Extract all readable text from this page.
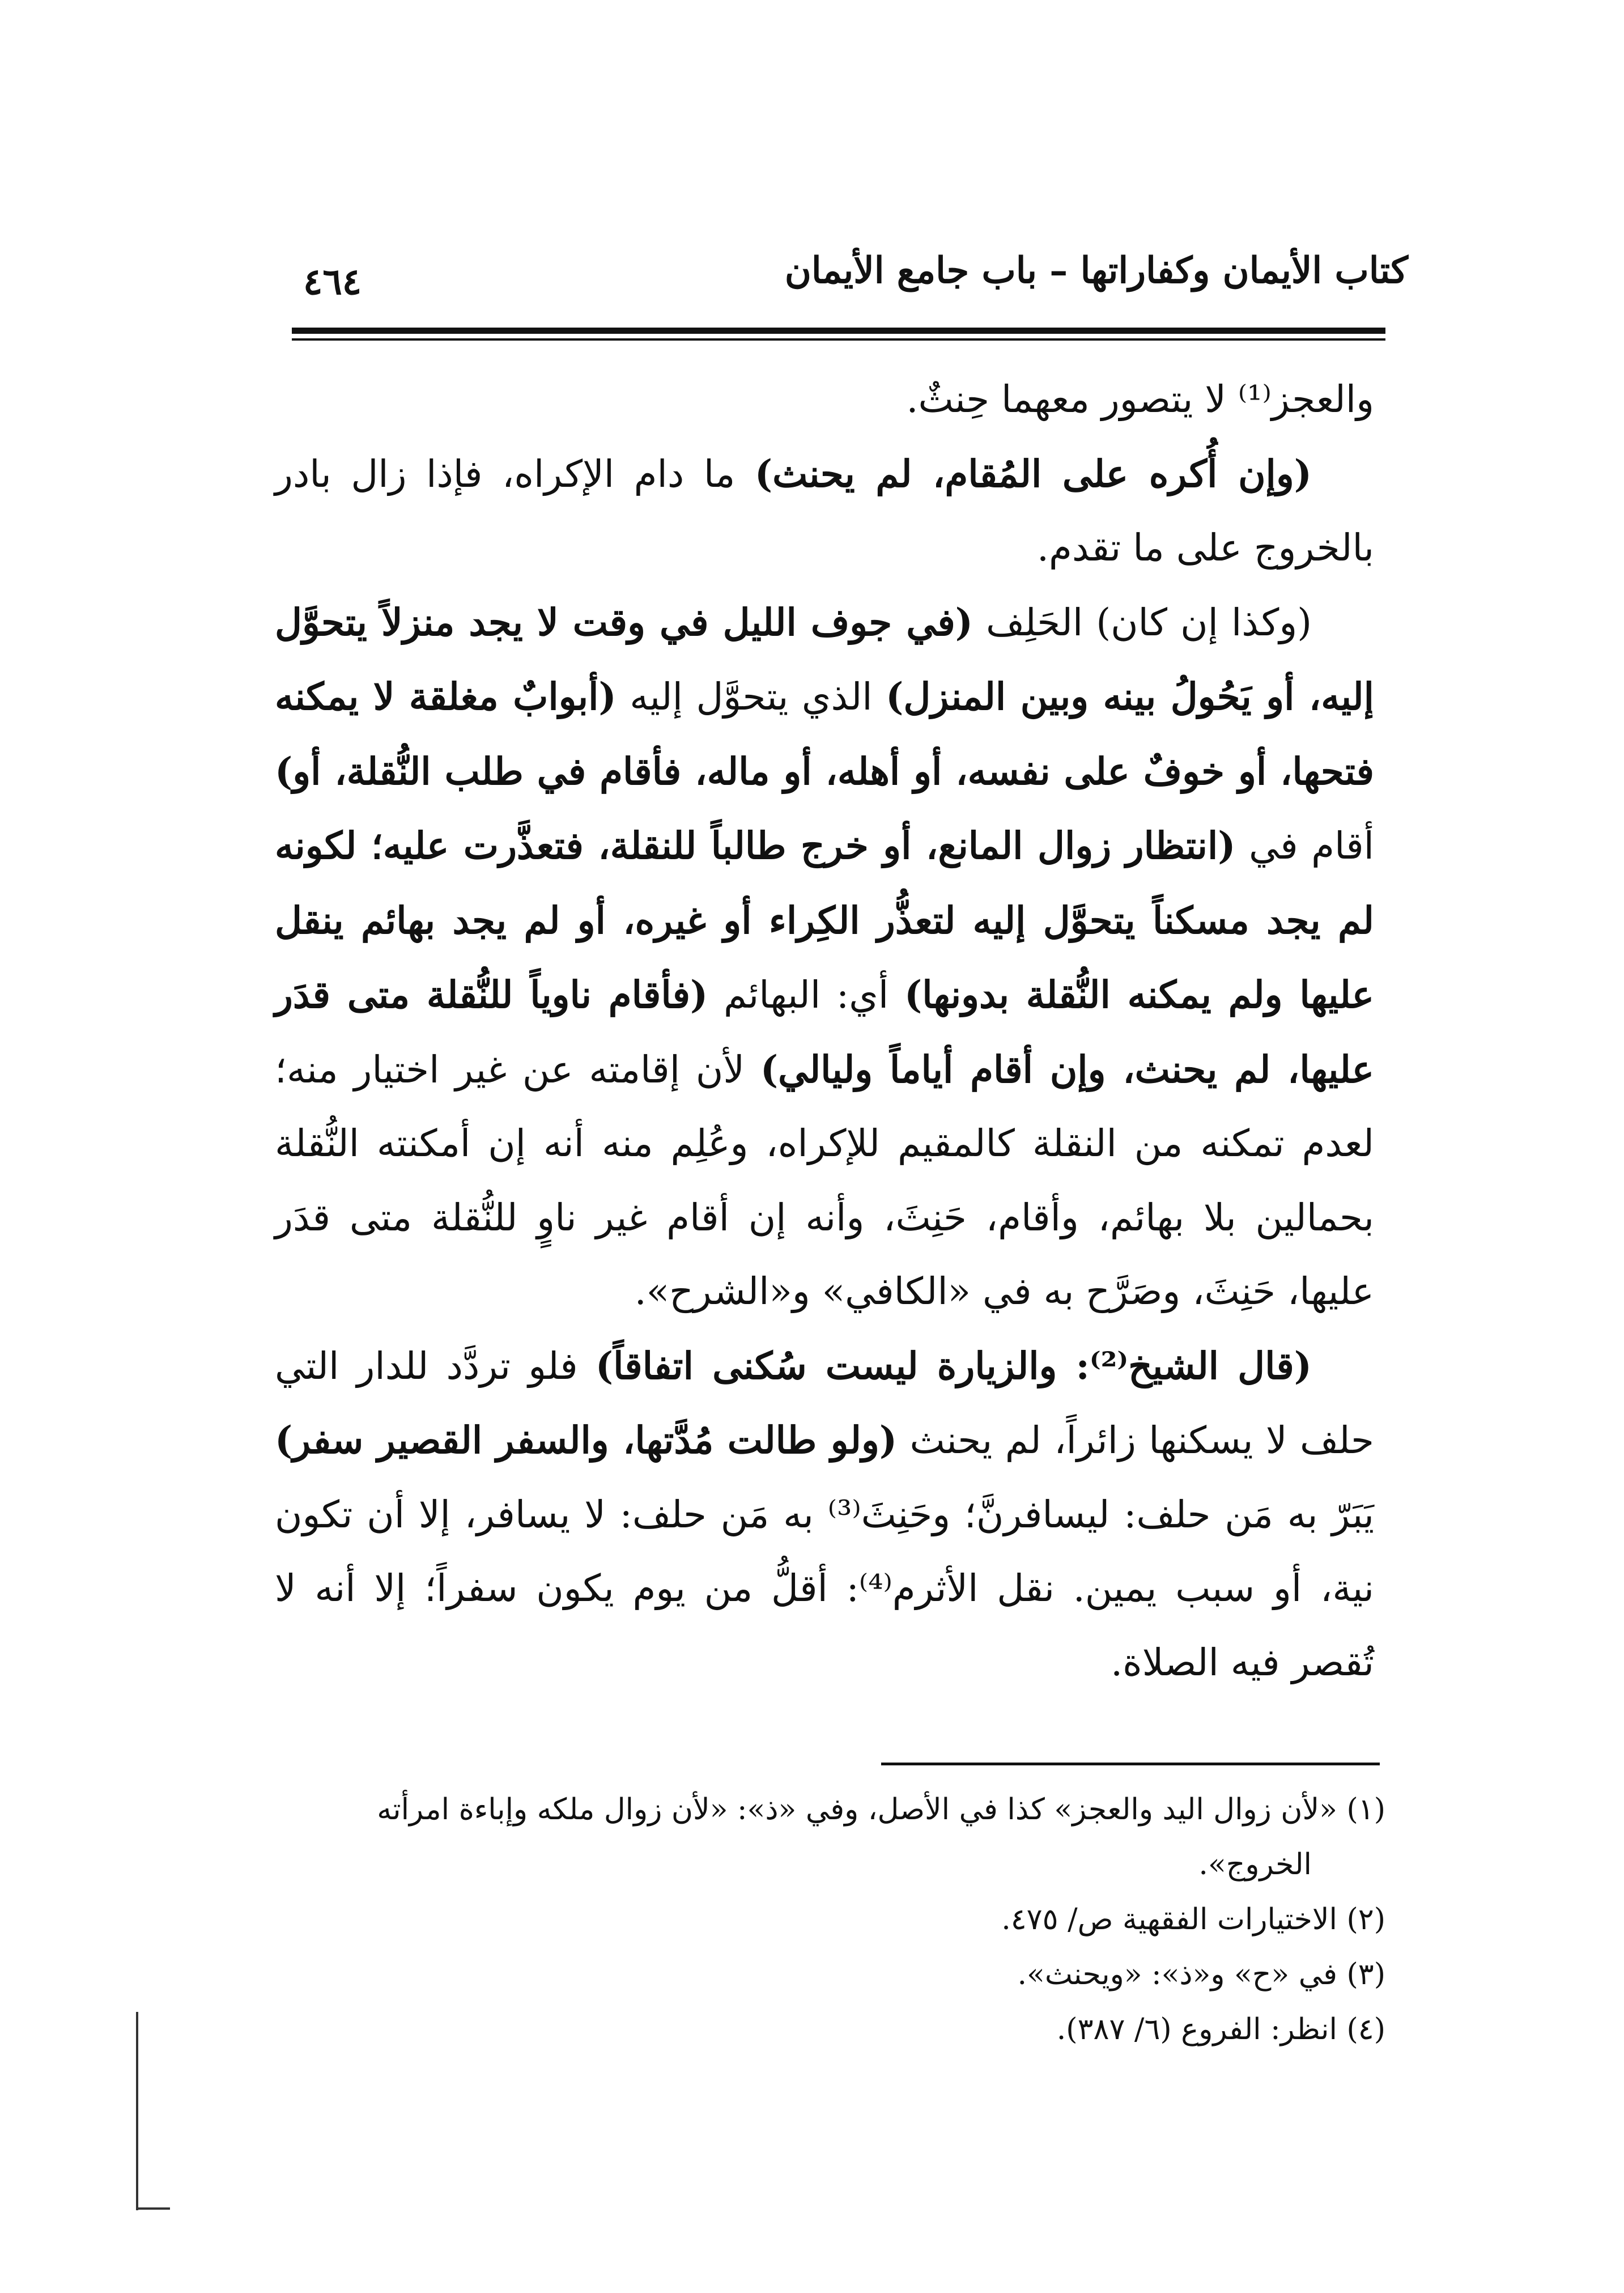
كتاب الأيمان وكفاراتها – باب جامع الأيمان
٤٦٤

والعجز⁽¹⁾ لا يتصور معهما حِنثٌ.

(وإن أُكره على المُقام، لم يحنث) ما دام الإكراه، فإذا زال بادر بالخروج على ما تقدم.

(وكذا إن كان) الحَلِف (في جوف الليل في وقت لا يجد منزلاً يتحوَّل إليه، أو يَحُولُ بينه وبين المنزل) الذي يتحوَّل إليه (أبوابٌ مغلقة لا يمكنه فتحها، أو خوفٌ على نفسه، أو أهله، أو ماله، فأقام في طلب النُّقلة، أو) أقام في (انتظار زوال المانع، أو خرج طالباً للنقلة، فتعذَّرت عليه؛ لكونه لم يجد مسكناً يتحوَّل إليه لتعذُّر الكِراء أو غيره، أو لم يجد بهائم ينقل عليها ولم يمكنه النُّقلة بدونها) أي: البهائم (فأقام ناوياً للنُّقلة متى قدَر عليها، لم يحنث، وإن أقام أياماً وليالي) لأن إقامته عن غير اختيار منه؛ لعدم تمكنه من النقلة كالمقيم للإكراه، وعُلِم منه أنه إن أمكنته النُّقلة بحمالين بلا بهائم، وأقام، حَنِثَ، وأنه إن أقام غير ناوٍ للنُّقلة متى قدَر عليها، حَنِثَ، وصَرَّح به في «الكافي» و«الشرح».

(قال الشيخ⁽²⁾: والزيارة ليست سُكنى اتفاقاً) فلو تردَّد للدار التي حلف لا يسكنها زائراً، لم يحنث (ولو طالت مُدَّتها، والسفر القصير سفر) يَبَرّ به مَن حلف: ليسافرنَّ؛ وحَنِثَ⁽³⁾ به مَن حلف: لا يسافر، إلا أن تكون نية، أو سبب يمين. نقل الأثرم⁽⁴⁾: أقلُّ من يوم يكون سفراً؛ إلا أنه لا تُقصر فيه الصلاة.

(١) «لأن زوال اليد والعجز» كذا في الأصل، وفي «ذ»: «لأن زوال ملكه وإباءة امرأته

الخروج».

(٢) الاختيارات الفقهية ص/ ٤٧٥.

(٣) في «ح» و«ذ»: «ويحنث».

(٤) انظر: الفروع (٦/ ٣٨٧).
